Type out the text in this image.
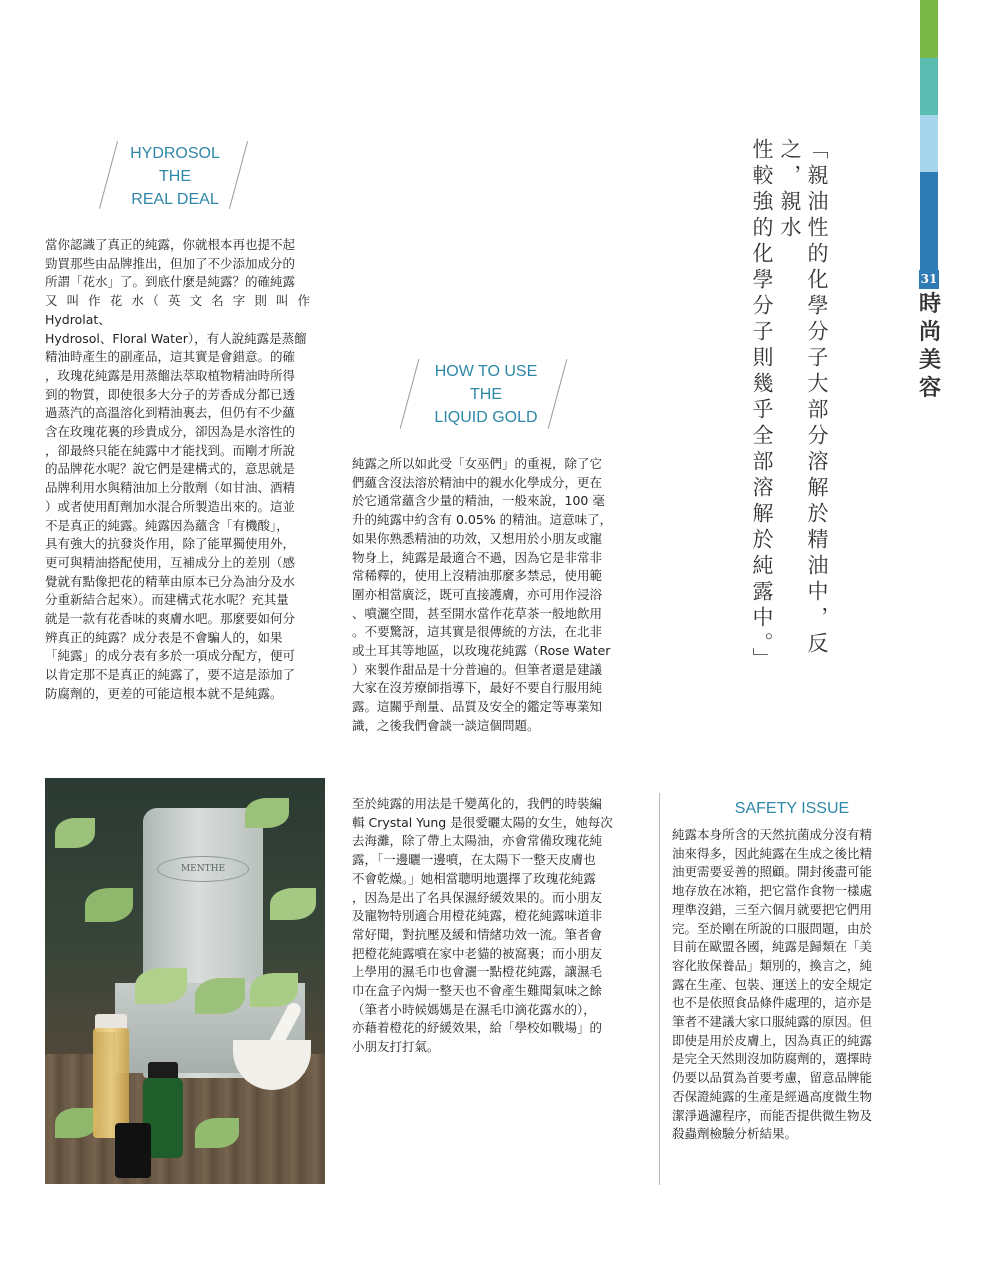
31
時尚美容
HYDROSOL
THE
REAL DEAL
當你認識了真正的純露，你就根本再也提不起
勁買那些由品牌推出，但加了不少添加成分的
所謂「花水」了。到底什麼是純露？的確純露
又 叫 作 花 水（ 英 文 名 字 則 叫 作 Hydrolat、
Hydrosol、Floral Water），有人說純露是蒸餾
精油時產生的副產品，這其實是會錯意。的確
，玫瑰花純露是用蒸餾法萃取植物精油時所得
到的物質，即使很多大分子的芳香成分都已透
過蒸汽的高溫溶化到精油裏去，但仍有不少蘊
含在玫瑰花裏的珍貴成分，卻因為是水溶性的
，卻最終只能在純露中才能找到。而剛才所說
的品牌花水呢？說它們是建構式的，意思就是
品牌利用水與精油加上分散劑（如甘油、酒精
）或者使用酊劑加水混合所製造出來的。這並
不是真正的純露。純露因為蘊含「有機酸」，
具有強大的抗發炎作用，除了能單獨使用外，
更可與精油搭配使用，互補成分上的差別（感
覺就有點像把花的精華由原本已分為油分及水
分重新結合起來）。而建構式花水呢？充其量
就是一款有花香味的爽膚水吧。那麼要如何分
辨真正的純露？成分表是不會騙人的，如果
「純露」的成分表有多於一項成分配方，便可
以肯定那不是真正的純露了，要不這是添加了
防腐劑的，更差的可能這根本就不是純露。
HOW TO USE
THE
LIQUID GOLD
純露之所以如此受「女巫們」的重視，除了它
們蘊含沒法溶於精油中的親水化學成分，更在
於它通常蘊含少量的精油，一般來說，100 毫
升的純露中約含有 0.05% 的精油。這意味了，
如果你熟悉精油的功效，又想用於小朋友或寵
物身上，純露是最適合不過，因為它是非常非
常稀釋的，使用上沒精油那麼多禁忌，使用範
圍亦相當廣泛，既可直接護膚，亦可用作浸浴
、噴灑空間，甚至開水當作花草茶一般地飲用
。不要驚訝，這其實是很傳統的方法，在北非
或土耳其等地區，以玫瑰花純露（Rose Water
）來製作甜品是十分普遍的。但筆者還是建議
大家在沒芳療師指導下，最好不要自行服用純
露。這關乎劑量、品質及安全的鑑定等專業知
識，之後我們會談一談這個問題。
至於純露的用法是千變萬化的，我們的時裝編
輯 Crystal Yung 是很愛曬太陽的女生，她每次
去海灘，除了帶上太陽油，亦會常備玫瑰花純
露，「一邊曬一邊噴，在太陽下一整天皮膚也
不會乾燥。」她相當聰明地選擇了玫瑰花純露
，因為是出了名具保濕紓緩效果的。而小朋友
及寵物特別適合用橙花純露，橙花純露味道非
常好聞，對抗壓及緩和情緒功效一流。筆者會
把橙花純露噴在家中老貓的被窩裏；而小朋友
上學用的濕毛巾也會灑一點橙花純露，讓濕毛
巾在盒子內焗一整天也不會產生難聞氣味之餘
（筆者小時候媽媽是在濕毛巾滴花露水的），
亦藉着橙花的紓緩效果，給「學校如戰場」的
小朋友打打氣。
「親油性的化學分子大部分溶解於精油中，反之，親水
性較強的化學分子則幾乎全部溶解於純露中。」
SAFETY ISSUE
純露本身所含的天然抗菌成分沒有精
油來得多，因此純露在生成之後比精
油更需要妥善的照顧。開封後盡可能
地存放在冰箱，把它當作食物一樣處
理準沒錯，三至六個月就要把它們用
完。至於剛在所說的口服問題，由於
目前在歐盟各國，純露是歸類在「美
容化妝保養品」類別的，換言之，純
露在生產、包裝、運送上的安全規定
也不是依照食品條件處理的，這亦是
筆者不建議大家口服純露的原因。但
即使是用於皮膚上，因為真正的純露
是完全天然則沒加防腐劑的，選擇時
仍要以品質為首要考慮，留意品牌能
否保證純露的生產是經過高度微生物
潔淨過濾程序，而能否提供微生物及
殺蟲劑檢驗分析結果。
MENTHE
